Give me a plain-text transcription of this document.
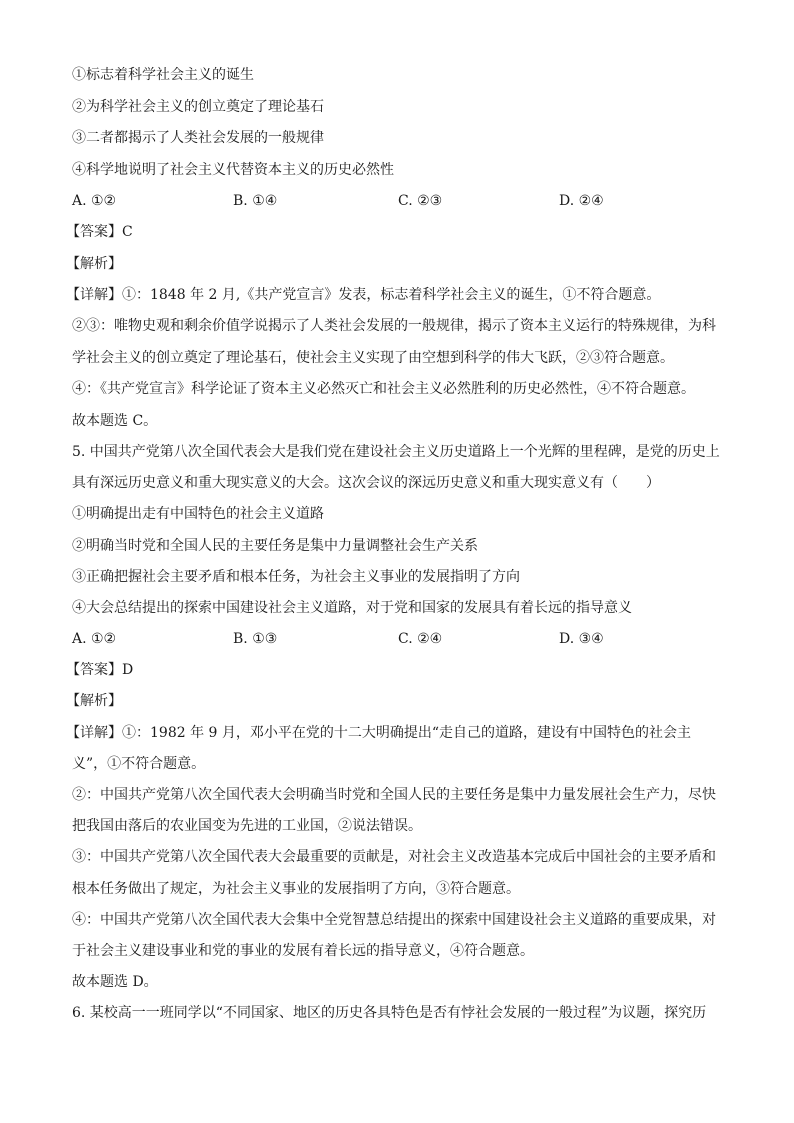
①标志着科学社会主义的诞生
②为科学社会主义的创立奠定了理论基石
③二者都揭示了人类社会发展的一般规律
④科学地说明了社会主义代替资本主义的历史必然性
A. ①②	B. ①④	C. ②③	D. ②④
【答案】C
【解析】
【详解】①：1848 年 2 月,《共产党宣言》发表，标志着科学社会主义的诞生，①不符合题意。
②③：唯物史观和剩余价值学说揭示了人类社会发展的一般规律，揭示了资本主义运行的特殊规律，为科
学社会主义的创立奠定了理论基石，使社会主义实现了由空想到科学的伟大飞跃，②③符合题意。
④：《共产党宣言》科学论证了资本主义必然灭亡和社会主义必然胜利的历史必然性，④不符合题意。
故本题选 C。
5. 中国共产党第八次全国代表会大是我们党在建设社会主义历史道路上一个光辉的里程碑，是党的历史上
具有深远历史意义和重大现实意义的大会。这次会议的深远历史意义和重大现实意义有（　　）
①明确提出走有中国特色的社会主义道路
②明确当时党和全国人民的主要任务是集中力量调整社会生产关系
③正确把握社会主要矛盾和根本任务，为社会主义事业的发展指明了方向
④大会总结提出的探索中国建设社会主义道路，对于党和国家的发展具有着长远的指导意义
A. ①②	B. ①③	C. ②④	D. ③④
【答案】D
【解析】
【详解】①：1982 年 9 月，邓小平在党的十二大明确提出“走自己的道路，建设有中国特色的社会主
义”，①不符合题意。
②：中国共产党第八次全国代表大会明确当时党和全国人民的主要任务是集中力量发展社会生产力，尽快
把我国由落后的农业国变为先进的工业国，②说法错误。
③：中国共产党第八次全国代表大会最重要的贡献是，对社会主义改造基本完成后中国社会的主要矛盾和
根本任务做出了规定，为社会主义事业的发展指明了方向，③符合题意。
④：中国共产党第八次全国代表大会集中全党智慧总结提出的探索中国建设社会主义道路的重要成果，对
于社会主义建设事业和党的事业的发展有着长远的指导意义，④符合题意。
故本题选 D。
6. 某校高一一班同学以“不同国家、地区的历史各具特色是否有悖社会发展的一般过程”为议题，探究历
